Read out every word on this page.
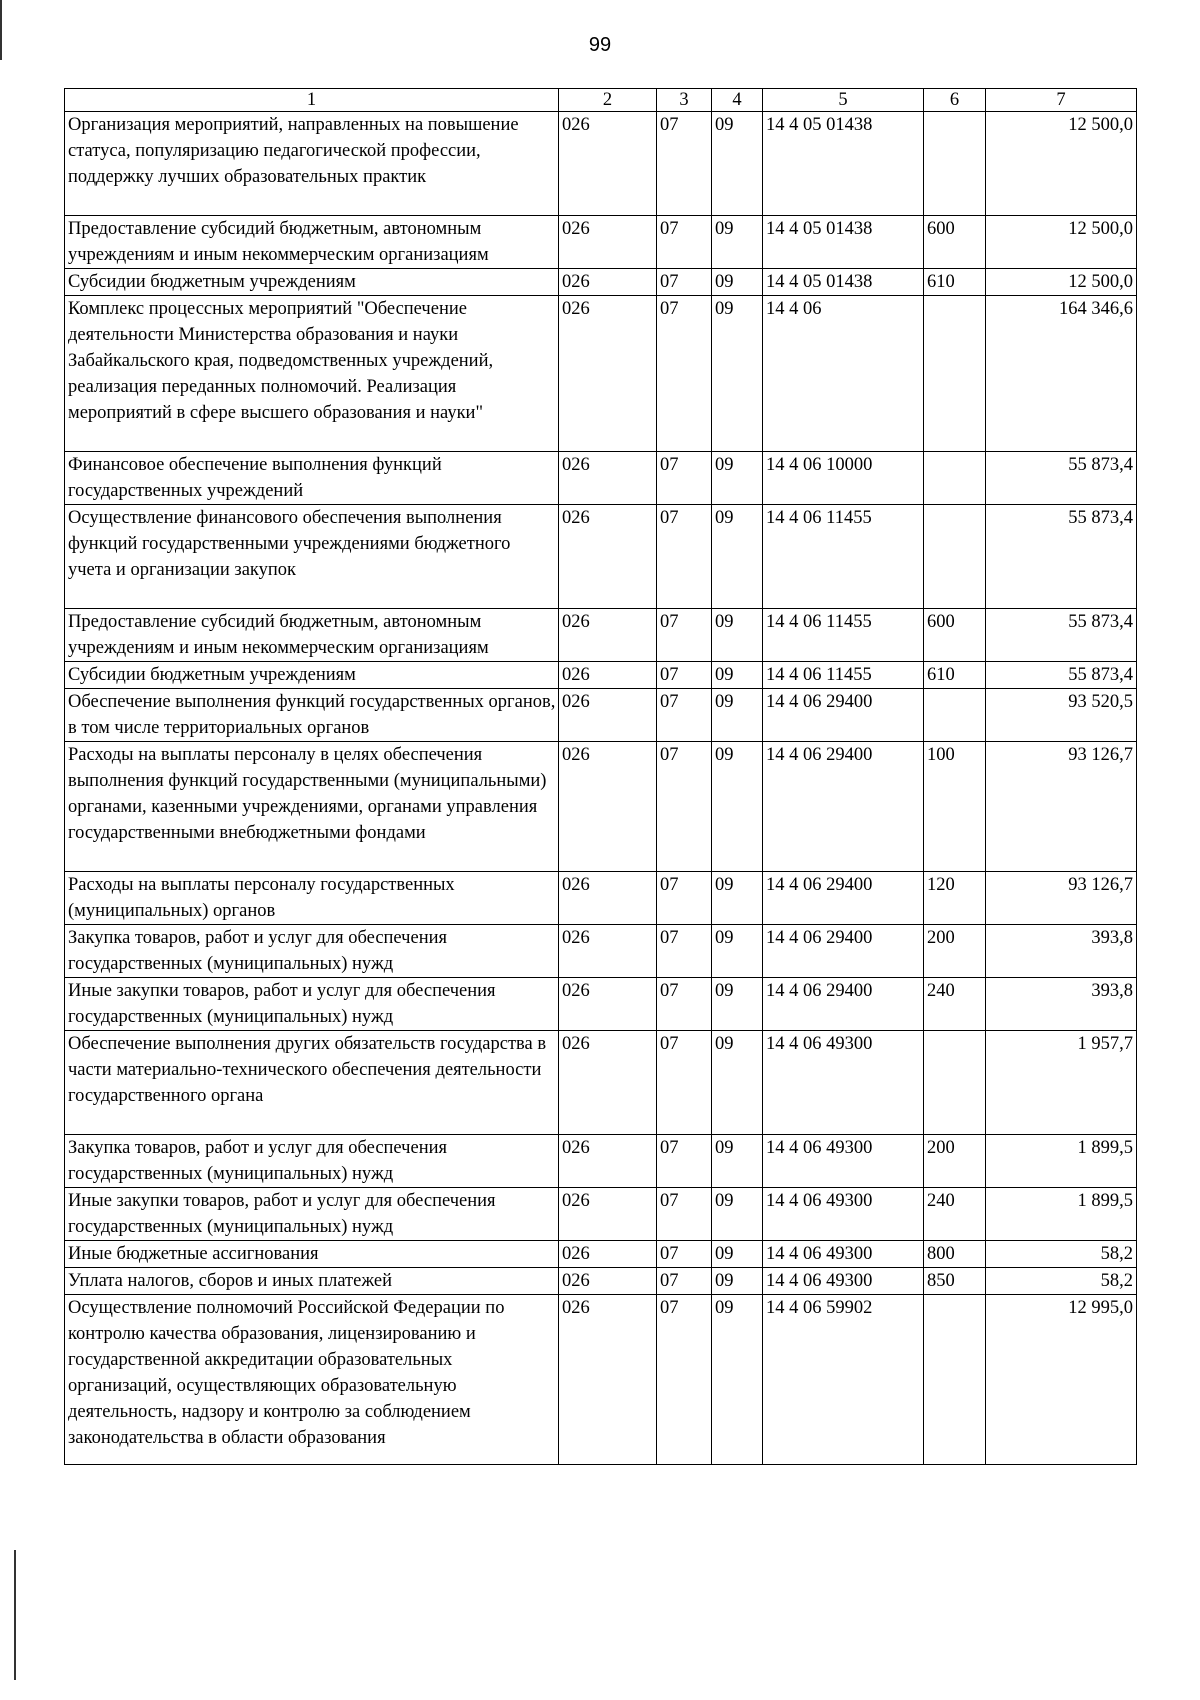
99
1	2	3	4	5	6	7
Организация мероприятий, направленных на повышение статуса, популяризацию педагогической профессии, поддержку лучших образовательных практик	026	07	09	14 4 05 01438		12 500,0
Предоставление субсидий бюджетным, автономным учреждениям и иным некоммерческим организациям	026	07	09	14 4 05 01438	600	12 500,0
Субсидии бюджетным учреждениям	026	07	09	14 4 05 01438	610	12 500,0
Комплекс процессных мероприятий "Обеспечение деятельности Министерства образования и науки Забайкальского края, подведомственных учреждений, реализация переданных полномочий. Реализация мероприятий в сфере высшего образования и науки"	026	07	09	14 4 06		164 346,6
Финансовое обеспечение выполнения функций государственных учреждений	026	07	09	14 4 06 10000		55 873,4
Осуществление финансового обеспечения выполнения функций государственными учреждениями бюджетного учета и организации закупок	026	07	09	14 4 06 11455		55 873,4
Предоставление субсидий бюджетным, автономным учреждениям и иным некоммерческим организациям	026	07	09	14 4 06 11455	600	55 873,4
Субсидии бюджетным учреждениям	026	07	09	14 4 06 11455	610	55 873,4
Обеспечение выполнения функций государственных органов, в том числе территориальных органов	026	07	09	14 4 06 29400		93 520,5
Расходы на выплаты персоналу в целях обеспечения выполнения функций государственными (муниципальными) органами, казенными учреждениями, органами управления государственными внебюджетными фондами	026	07	09	14 4 06 29400	100	93 126,7
Расходы на выплаты персоналу государственных (муниципальных) органов	026	07	09	14 4 06 29400	120	93 126,7
Закупка товаров, работ и услуг для обеспечения государственных (муниципальных) нужд	026	07	09	14 4 06 29400	200	393,8
Иные закупки товаров, работ и услуг для обеспечения государственных (муниципальных) нужд	026	07	09	14 4 06 29400	240	393,8
Обеспечение выполнения других обязательств государства в части материально-технического обеспечения деятельности государственного органа	026	07	09	14 4 06 49300		1 957,7
Закупка товаров, работ и услуг для обеспечения государственных (муниципальных) нужд	026	07	09	14 4 06 49300	200	1 899,5
Иные закупки товаров, работ и услуг для обеспечения государственных (муниципальных) нужд	026	07	09	14 4 06 49300	240	1 899,5
Иные бюджетные ассигнования	026	07	09	14 4 06 49300	800	58,2
Уплата налогов, сборов и иных платежей	026	07	09	14 4 06 49300	850	58,2
Осуществление полномочий Российской Федерации по контролю качества образования, лицензированию и государственной аккредитации образовательных организаций, осуществляющих образовательную деятельность, надзору и контролю за соблюдением законодательства в области образования	026	07	09	14 4 06 59902		12 995,0
